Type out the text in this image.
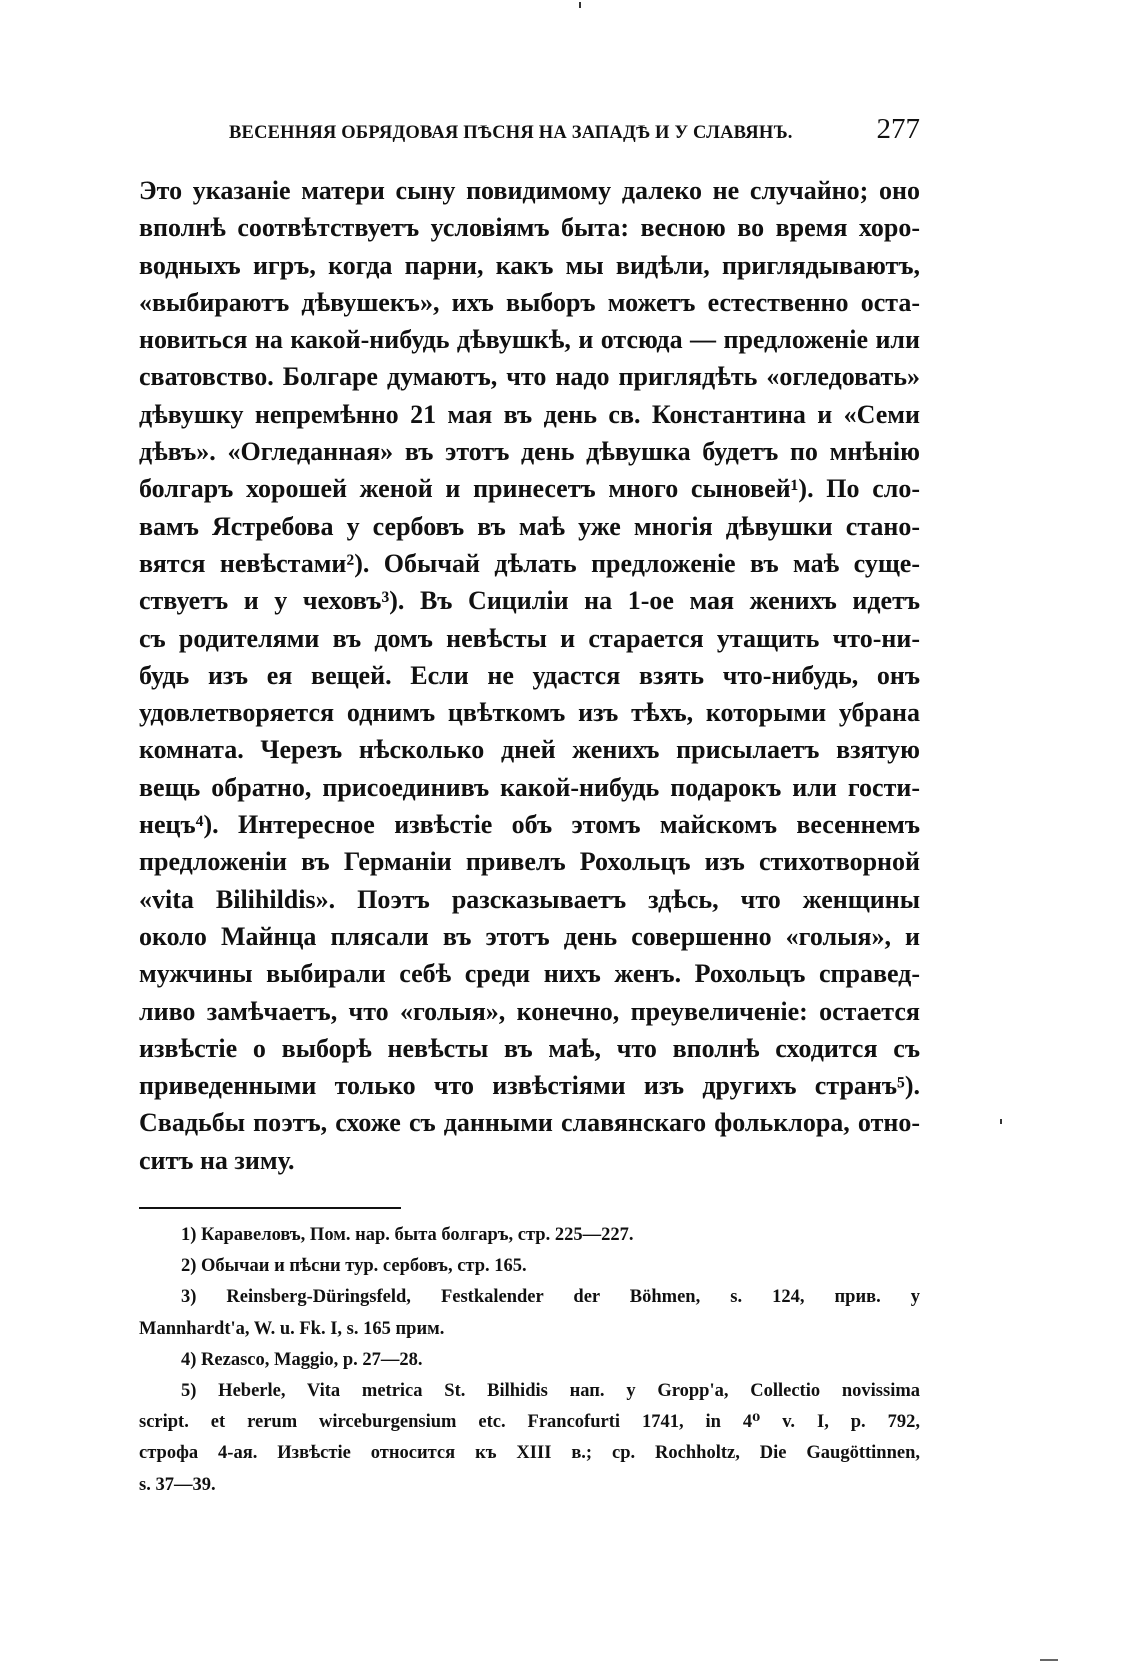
ВЕСЕННЯЯ ОБРЯДОВАЯ ПѢСНЯ НА ЗАПАДѢ И У СЛАВЯНЪ.	277
Это указаніе матери сыну повидимому далеко не случайно; оно
вполнѣ соотвѣтствуетъ условіямъ быта: весною во время хоро-
водныхъ игръ, когда парни, какъ мы видѣли, приглядываютъ,
«выбираютъ дѣвушекъ», ихъ выборъ можетъ естественно оста-
новиться на какой-нибудь дѣвушкѣ, и отсюда — предложеніе или
сватовство. Болгаре думаютъ, что надо приглядѣть «огледовать»
дѣвушку непремѣнно 21 мая въ день св. Константина и «Семи
дѣвъ». «Огледанная» въ этотъ день дѣвушка будетъ по мнѣнію
болгаръ хорошей женой и принесетъ много сыновей¹). По сло-
вамъ Ястребова у сербовъ въ маѣ уже многія дѣвушки стано-
вятся невѣстами²). Обычай дѣлать предложеніе въ маѣ суще-
ствуетъ и у чеховъ³). Въ Сициліи на 1-ое мая женихъ идетъ
съ родителями въ домъ невѣсты и старается утащить что-ни-
будь изъ ея вещей. Если не удастся взять что-нибудь, онъ
удовлетворяется однимъ цвѣткомъ изъ тѣхъ, которыми убрана
комната. Черезъ нѣсколько дней женихъ присылаетъ взятую
вещь обратно, присоединивъ какой-нибудь подарокъ или гости-
нецъ⁴). Интересное извѣстіе объ этомъ майскомъ весеннемъ
предложеніи въ Германіи привелъ Рохольцъ изъ стихотворной
«vita Bilihildis». Поэтъ разсказываетъ здѣсь, что женщины
около Майнца плясали въ этотъ день совершенно «голыя», и
мужчины выбирали себѣ среди нихъ женъ. Рохольцъ справед-
ливо замѣчаетъ, что «голыя», конечно, преувеличеніе: остается
извѣстіе о выборѣ невѣсты въ маѣ, что вполнѣ сходится съ
приведенными только что извѣстіями изъ другихъ странъ⁵).
Свадьбы поэтъ, схоже съ данными славянскаго фольклора, отно-
ситъ на зиму.
1) Каравеловъ, Пом. нар. быта болгаръ, стр. 225—227.
2) Обычаи и пѣсни тур. сербовъ, стр. 165.
3) Reinsberg-Düringsfeld, Festkalender der Böhmen, s. 124, прив. у
Mannhardt'a, W. u. Fk. I, s. 165 прим.
4) Rezasco, Maggio, p. 27—28.
5) Heberle, Vita metrica St. Bilhidis нап. у Gropp'a, Collectio novissima
script. et rerum wirceburgensium etc. Francofurti 1741, in 4⁰ v. I, p. 792,
строфа 4-ая. Извѣстіе относится къ XIII в.; ср. Rochholtz, Die Gaugöttinnen,
s. 37—39.
